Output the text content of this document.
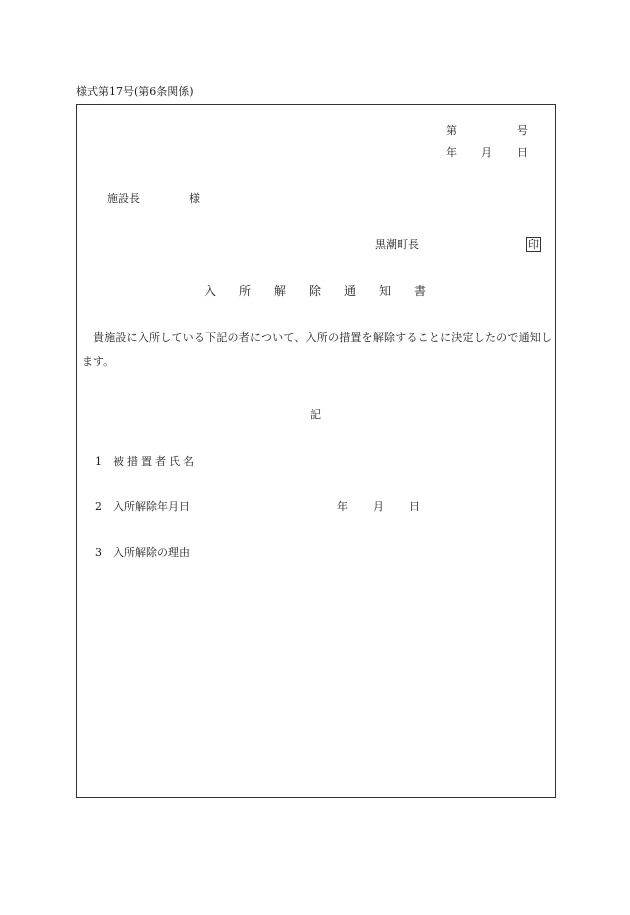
様式第17号(第6条関係)
第	号
年 月 日
施設長	様
黒潮町長	印
入 所 解 除 通 知 書
貴施設に入所している下記の者について、入所の措置を解除することに決定したので通知します。
記
1 被措置者氏名
2 入所解除年月日	年 月 日
3 入所解除の理由
